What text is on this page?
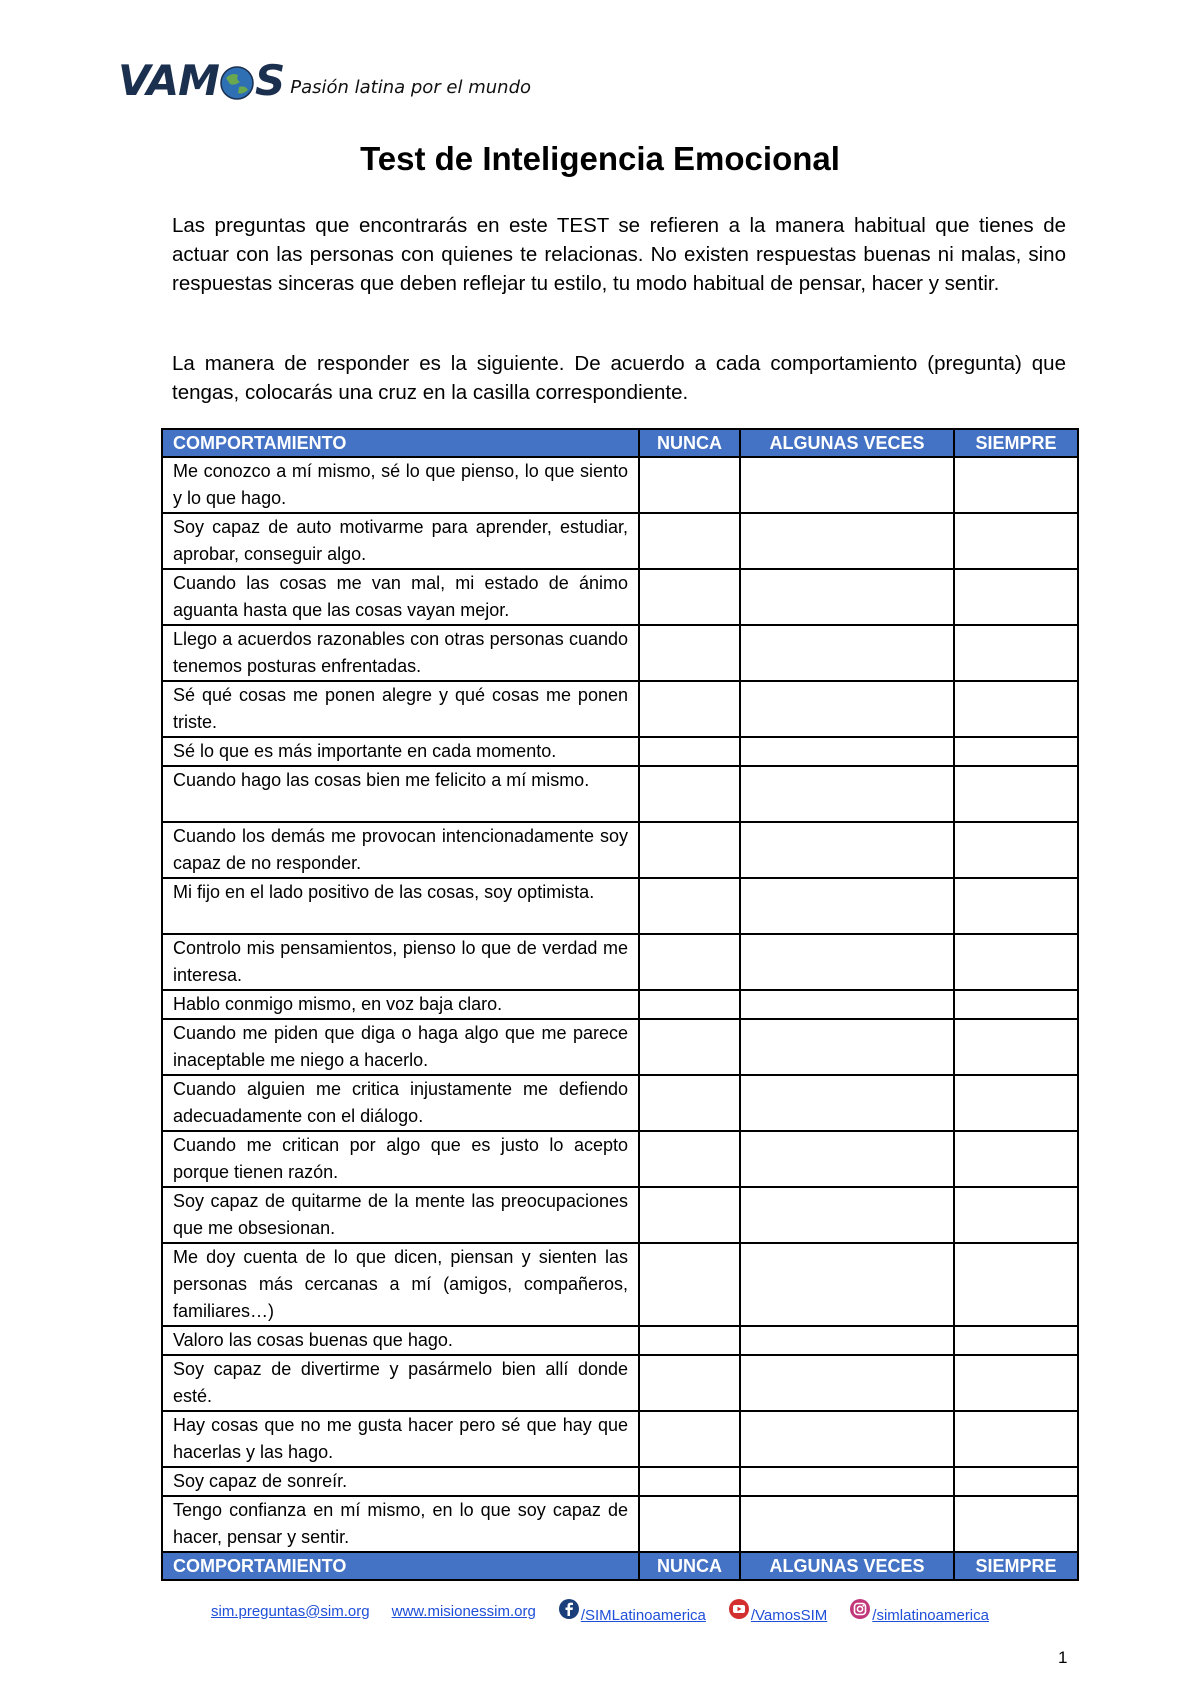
VAM S Pasión latina por el mundo
Test de Inteligencia Emocional
Las preguntas que encontrarás en este TEST se refieren a la manera habitual que tienes de actuar con las personas con quienes te relacionas. No existen respuestas buenas ni malas, sino respuestas sinceras que deben reflejar tu estilo, tu modo habitual de pensar, hacer y sentir.
La manera de responder es la siguiente. De acuerdo a cada comportamiento (pregunta) que tengas, colocarás una cruz en la casilla correspondiente.
COMPORTAMIENTO	NUNCA	ALGUNAS VECES	SIEMPRE
Me conozco a mí mismo, sé lo que pienso, lo que siento y lo que hago.			
Soy capaz de auto motivarme para aprender, estudiar, aprobar, conseguir algo.			
Cuando las cosas me van mal, mi estado de ánimo aguanta hasta que las cosas vayan mejor.			
Llego a acuerdos razonables con otras personas cuando tenemos posturas enfrentadas.			
Sé qué cosas me ponen alegre y qué cosas me ponen triste.			
Sé lo que es más importante en cada momento.			
Cuando hago las cosas bien me felicito a mí mismo.			
Cuando los demás me provocan intencionadamente soy capaz de no responder.			
Mi fijo en el lado positivo de las cosas, soy optimista.			
Controlo mis pensamientos, pienso lo que de verdad me interesa.			
Hablo conmigo mismo, en voz baja claro.			
Cuando me piden que diga o haga algo que me parece inaceptable me niego a hacerlo.			
Cuando alguien me critica injustamente me defiendo adecuadamente con el diálogo.			
Cuando me critican por algo que es justo lo acepto porque tienen razón.			
Soy capaz de quitarme de la mente las preocupaciones que me obsesionan.			
Me doy cuenta de lo que dicen, piensan y sienten las personas más cercanas a mí (amigos, compañeros, familiares…)			
Valoro las cosas buenas que hago.			
Soy capaz de divertirme y pasármelo bien allí donde esté.			
Hay cosas que no me gusta hacer pero sé que hay que hacerlas y las hago.			
Soy capaz de sonreír.			
Tengo confianza en mí mismo, en lo que soy capaz de hacer, pensar y sentir.			
COMPORTAMIENTO	NUNCA	ALGUNAS VECES	SIEMPRE
sim.preguntas@sim.org www.misionessim.org	/SIMLatinoamerica	/VamosSIM	/simlatinoamerica
1
